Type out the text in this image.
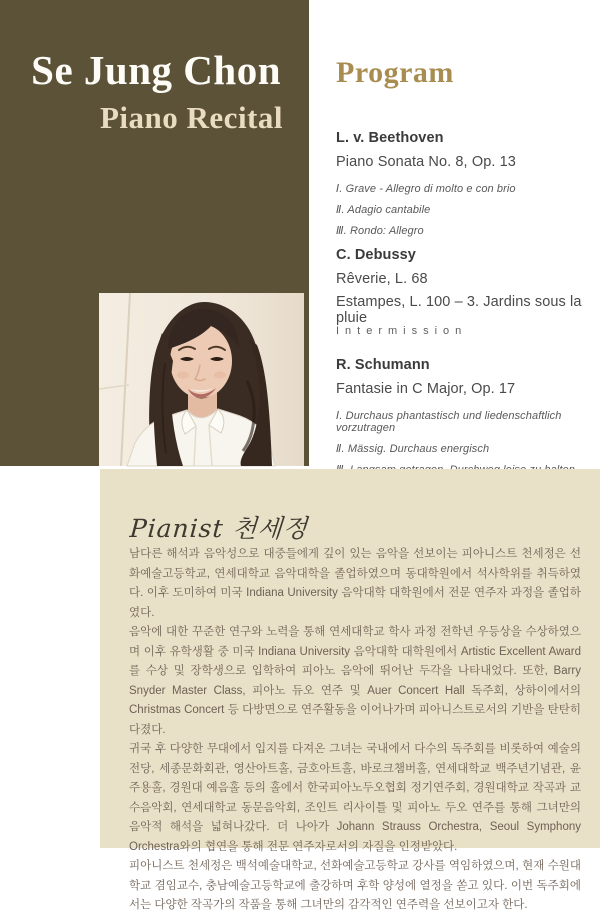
Se Jung Chon
Piano Recital
Program

L. v. Beethoven

Piano Sonata No. 8, Op. 13

Ⅰ. Grave - Allegro di molto e con brio

Ⅱ. Adagio cantabile

Ⅲ. Rondo: Allegro

C. Debussy

Rêverie, L. 68

Estampes, L. 100 – 3. Jardins sous la pluie

Intermission

R. Schumann

Fantasie in C Major, Op. 17

Ⅰ. Durchaus phantastisch und liedenschaftlich vorzutragen

Ⅱ. Mässig. Durchaus energisch

Pianist 천세정

남다른 해석과 음악성으로 대중들에게 깊이 있는 음악을 선보이는 피아니스트 천세정은 선화예술고등학교, 연세대학교 음악대학을 졸업하였으며 동대학원에서 석사학위를 취득하였다. 이후 도미하여 미국 Indiana University 음악대학 대학원에서 전문 연주자 과정을 졸업하였다.

음악에 대한 꾸준한 연구와 노력을 통해 연세대학교 학사 과정 전학년 우등상을 수상하였으며 이후 유학생활 중 미국 Indiana University 음악대학 대학원에서 Artistic Excellent Award를 수상 및 장학생으로 입학하여 피아노 음악에 뛰어난 두각을 나타내었다. 또한, Barry Snyder Master Class, 피아노 듀오 연주 및 Auer Concert Hall 독주회, 상하이에서의 Christmas Concert 등 다방면으로 연주활동을 이어나가며 피아니스트로서의 기반을 탄탄히 다졌다.

귀국 후 다양한 무대에서 입지를 다져온 그녀는 국내에서 다수의 독주회를 비롯하여 예술의전당, 세종문화회관, 영산아트홀, 금호아트홀, 바로크챔버홀, 연세대학교 백주년기념관, 윤주용홀, 경원대 예음홀 등의 홀에서 한국피아노두오협회 정기연주회, 경원대학교 작곡과 교수음악회, 연세대학교 동문음악회, 조인트 리사이틀 및 피아노 두오 연주를 통해 그녀만의 음악적 해석을 넓혀나갔다. 더 나아가 Johann Strauss Orchestra, Seoul Symphony Orchestra와의 협연을 통해 전문 연주자로서의 자질을 인정받았다.

피아니스트 천세정은 백석예술대학교, 선화예술고등학교 강사를 역임하였으며, 현재 수원대학교 겸임교수, 충남예술고등학교에 출강하며 후학 양성에 열정을 쏟고 있다. 이번 독주회에서는 다양한 작곡가의 작품을 통해 그녀만의 감각적인 연주력을 선보이고자 한다.
